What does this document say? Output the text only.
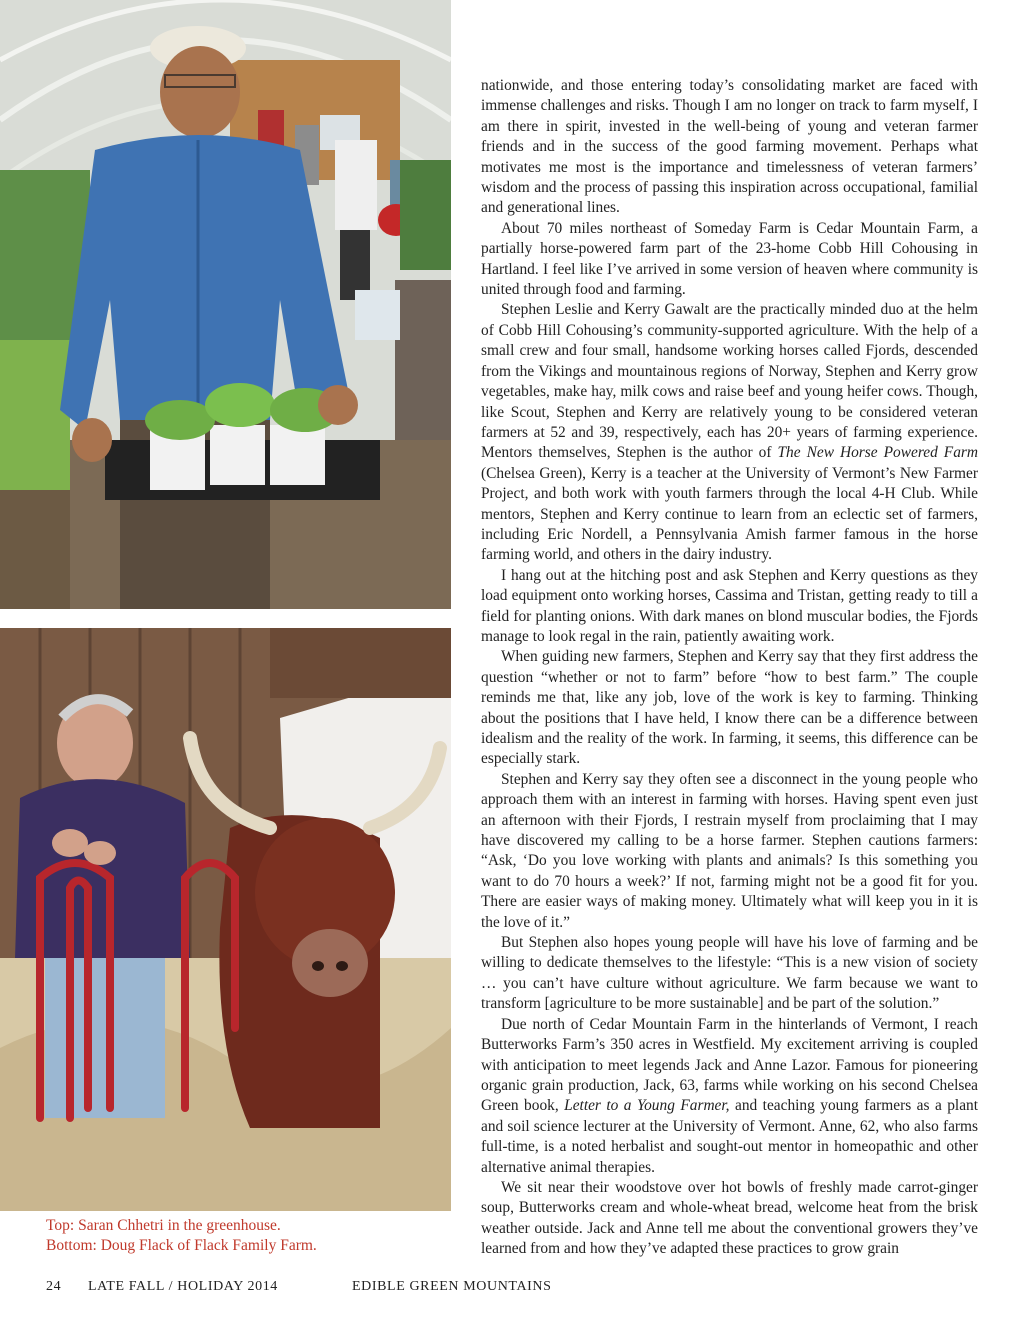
Top: Saran Chhetri in the greenhouse.
Bottom: Doug Flack of Flack Family Farm.

nationwide, and those entering today’s consolidating market are faced with immense challenges and risks. Though I am no longer on track to farm myself, I am there in spirit, invested in the well-being of young and veteran farmer friends and in the success of the good farming movement. Perhaps what motivates me most is the importance and timelessness of veteran farmers’ wisdom and the process of passing this inspiration across occupational, familial and generational lines.

About 70 miles northeast of Someday Farm is Cedar Mountain Farm, a partially horse-powered farm part of the 23-home Cobb Hill Cohousing in Hartland. I feel like I’ve arrived in some version of heaven where community is united through food and farming.

Stephen Leslie and Kerry Gawalt are the practically minded duo at the helm of Cobb Hill Cohousing’s community-supported agriculture. With the help of a small crew and four small, handsome working horses called Fjords, descended from the Vikings and mountainous regions of Norway, Stephen and Kerry grow vegetables, make hay, milk cows and raise beef and young heifer cows. Though, like Scout, Stephen and Kerry are relatively young to be considered veteran farmers at 52 and 39, respectively, each has 20+ years of farming experience. Mentors themselves, Stephen is the author of The New Horse Powered Farm (Chelsea Green), Kerry is a teacher at the University of Vermont’s New Farmer Project, and both work with youth farmers through the local 4-H Club. While mentors, Stephen and Kerry continue to learn from an eclectic set of farmers, including Eric Nordell, a Pennsylvania Amish farmer famous in the horse farming world, and others in the dairy industry.

I hang out at the hitching post and ask Stephen and Kerry questions as they load equipment onto working horses, Cassima and Tristan, getting ready to till a field for planting onions. With dark manes on blond muscular bodies, the Fjords manage to look regal in the rain, patiently awaiting work.

When guiding new farmers, Stephen and Kerry say that they first address the question “whether or not to farm” before “how to best farm.” The couple reminds me that, like any job, love of the work is key to farming. Thinking about the positions that I have held, I know there can be a difference between idealism and the reality of the work. In farming, it seems, this difference can be especially stark.

Stephen and Kerry say they often see a disconnect in the young people who approach them with an interest in farming with horses. Having spent even just an afternoon with their Fjords, I restrain myself from proclaiming that I may have discovered my calling to be a horse farmer. Stephen cautions farmers: “Ask, ‘Do you love working with plants and animals? Is this something you want to do 70 hours a week?’ If not, farming might not be a good fit for you. There are easier ways of making money. Ultimately what will keep you in it is the love of it.”

But Stephen also hopes young people will have his love of farming and be willing to dedicate themselves to the lifestyle: “This is a new vision of society … you can’t have culture without agriculture. We farm because we want to transform [agriculture to be more sustainable] and be part of the solution.”

Due north of Cedar Mountain Farm in the hinterlands of Vermont, I reach Butterworks Farm’s 350 acres in Westfield. My excitement arriving is coupled with anticipation to meet legends Jack and Anne Lazor. Famous for pioneering organic grain production, Jack, 63, farms while working on his second Chelsea Green book, Letter to a Young Farmer, and teaching young farmers as a plant and soil science lecturer at the University of Vermont. Anne, 62, who also farms full-time, is a noted herbalist and sought-out mentor in homeopathic and other alternative animal therapies.

We sit near their woodstove over hot bowls of freshly made carrot-ginger soup, Butterworks cream and whole-wheat bread, welcome heat from the brisk weather outside. Jack and Anne tell me about the conventional growers they’ve learned from and how they’ve adapted these practices to grow grain

24 LATE FALL / HOLIDAY 2014	EDIBLE GREEN MOUNTAINS
